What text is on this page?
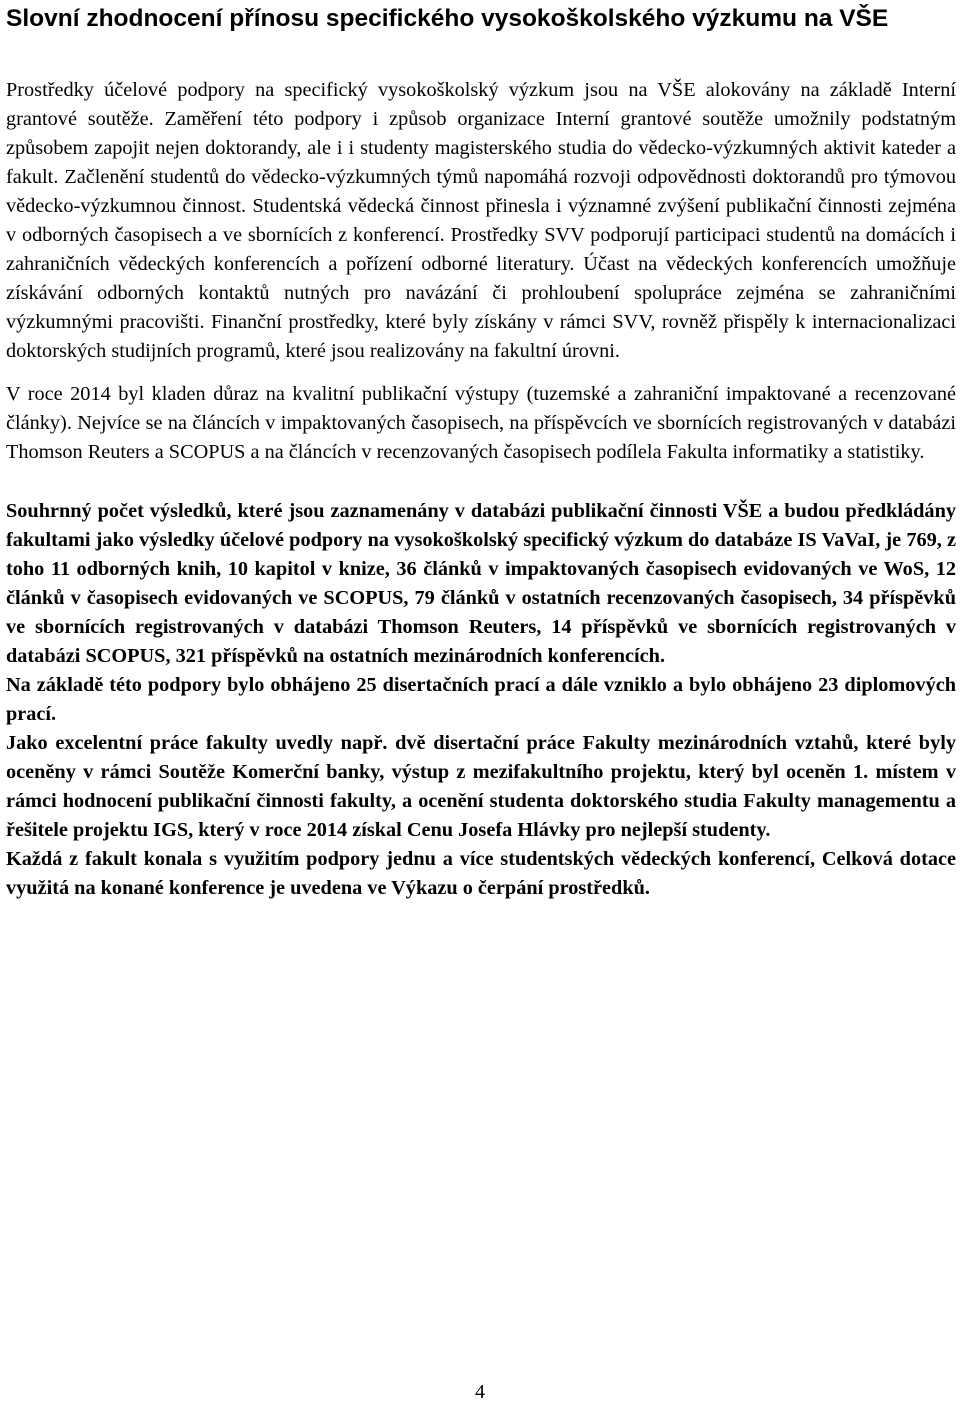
Slovní zhodnocení přínosu specifického vysokoškolského výzkumu na VŠE

Prostředky účelové podpory na specifický vysokoškolský výzkum jsou na VŠE alokovány na základě Interní grantové soutěže. Zaměření této podpory i způsob organizace Interní grantové soutěže umožnily podstatným způsobem zapojit nejen doktorandy, ale i i studenty magisterského studia do vědecko-výzkumných aktivit kateder a fakult. Začlenění studentů do vědecko-výzkumných týmů napomáhá rozvoji odpovědnosti doktorandů pro týmovou vědecko-výzkumnou činnost. Studentská vědecká činnost přinesla i významné zvýšení publikační činnosti zejména v odborných časopisech a ve sbornících z konferencí. Prostředky SVV podporují participaci studentů na domácích i zahraničních vědeckých konferencích a pořízení odborné literatury. Účast na vědeckých konferencích umožňuje získávání odborných kontaktů nutných pro navázání či prohloubení spolupráce zejména se zahraničními výzkumnými pracovišti. Finanční prostředky, které byly získány v rámci SVV, rovněž přispěly k internacionalizaci doktorských studijních programů, které jsou realizovány na fakultní úrovni.

V roce 2014 byl kladen důraz na kvalitní publikační výstupy (tuzemské a zahraniční impaktované a recenzované články). Nejvíce se na článcích v impaktovaných časopisech, na příspěvcích ve sbornících registrovaných v databázi Thomson Reuters a SCOPUS a na článcích v recenzovaných časopisech podílela Fakulta informatiky a statistiky.

Souhrnný počet výsledků, které jsou zaznamenány v databázi publikační činnosti VŠE a budou předkládány fakultami jako výsledky účelové podpory na vysokoškolský specifický výzkum do databáze IS VaVaI, je 769, z toho 11 odborných knih, 10 kapitol v knize, 36 článků v impaktovaných časopisech evidovaných ve WoS, 12 článků v časopisech evidovaných ve SCOPUS, 79 článků v ostatních recenzovaných časopisech, 34 příspěvků ve sbornících registrovaných v databázi Thomson Reuters, 14 příspěvků ve sbornících registrovaných v databázi SCOPUS, 321 příspěvků na ostatních mezinárodních konferencích.

Na základě této podpory bylo obhájeno 25 disertačních prací a dále vzniklo a bylo obhájeno 23 diplomových prací.

Jako excelentní práce fakulty uvedly např. dvě disertační práce Fakulty mezinárodních vztahů, které byly oceněny v rámci Soutěže Komerční banky, výstup z mezifakultního projektu, který byl oceněn 1. místem v rámci hodnocení publikační činnosti fakulty, a ocenění studenta doktorského studia Fakulty managementu a řešitele projektu IGS, který v roce 2014 získal Cenu Josefa Hlávky pro nejlepší studenty.

Každá z fakult konala s využitím podpory jednu a více studentských vědeckých konferencí, Celková dotace využitá na konané konference je uvedena ve Výkazu o čerpání prostředků.

4
